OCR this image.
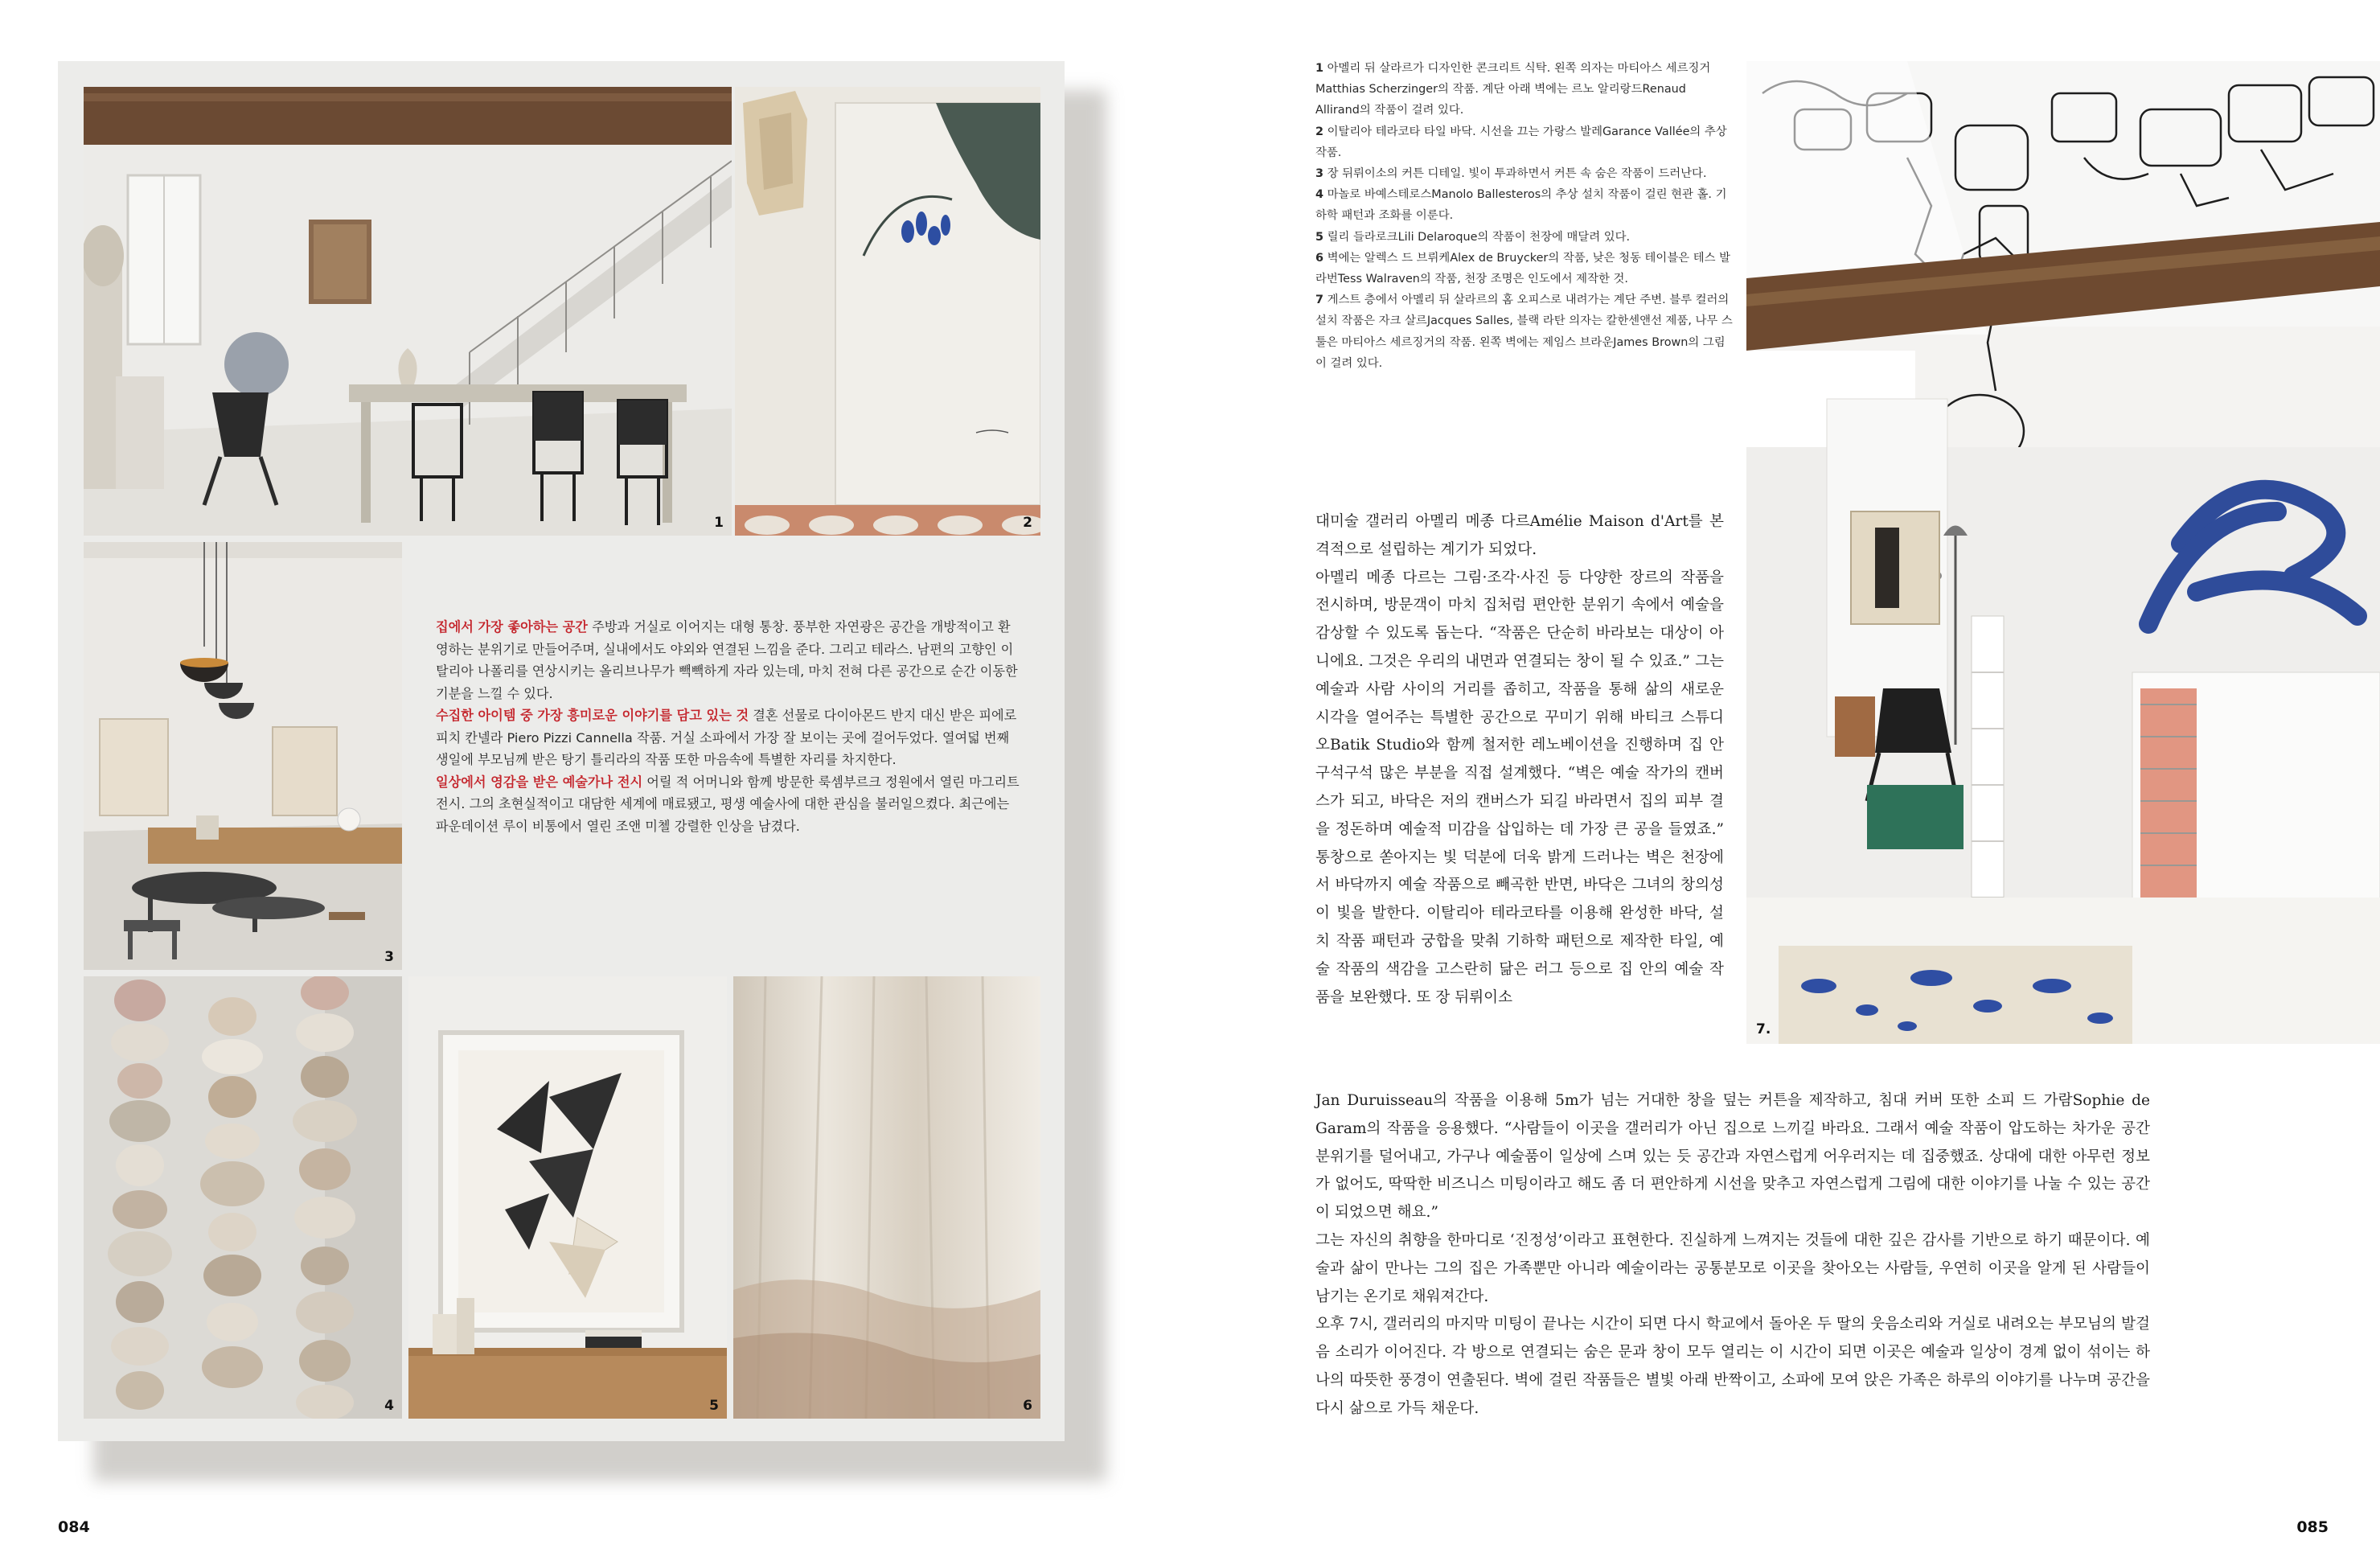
1	2
3

집에서 가장 좋아하는 공간 주방과 거실로 이어지는 대형 통창. 풍부한 자연광은 공간을 개방적이고 환영하는 분위기로 만들어주며, 실내에서도 야외와 연결된 느낌을 준다. 그리고 테라스. 남편의 고향인 이탈리아 나폴리를 연상시키는 올리브나무가 빽빽하게 자라 있는데, 마치 전혀 다른 공간으로 순간 이동한 기분을 느낄 수 있다.

수집한 아이템 중 가장 흥미로운 이야기를 담고 있는 것 결혼 선물로 다이아몬드 반지 대신 받은 피에로 피치 칸넬라 Piero Pizzi Cannella 작품. 거실 소파에서 가장 잘 보이는 곳에 걸어두었다. 열여덟 번째 생일에 부모님께 받은 탕기 틀리라의 작품 또한 마음속에 특별한 자리를 차지한다.

일상에서 영감을 받은 예술가나 전시 어릴 적 어머니와 함께 방문한 룩셈부르크 정원에서 열린 마그리트 전시. 그의 초현실적이고 대담한 세계에 매료됐고, 평생 예술사에 대한 관심을 불러일으켰다. 최근에는 파운데이션 루이 비통에서 열린 조앤 미첼 강렬한 인상을 남겼다.

4	5	6

1 아멜리 뒤 살라르가 디자인한 콘크리트 식탁. 왼쪽 의자는 마티아스 세르징거Matthias Scherzinger의 작품. 계단 아래 벽에는 르노 알리랑드Renaud Allirand의 작품이 걸려 있다.

2 이탈리아 테라코타 타일 바닥. 시선을 끄는 가랑스 발레Garance Vallée의 추상 작품.

3 장 뒤뤼이소의 커튼 디테일. 빛이 투과하면서 커튼 속 숨은 작품이 드러난다.

4 마놀로 바예스테로스Manolo Ballesteros의 추상 설치 작품이 걸린 현관 홀. 기하학 패턴과 조화를 이룬다.

5 릴리 들라로크Lili Delaroque의 작품이 천장에 매달려 있다.

6 벽에는 알렉스 드 브뤼케Alex de Bruycker의 작품, 낮은 청동 테이블은 테스 발라번Tess Walraven의 작품, 천장 조명은 인도에서 제작한 것.

7 게스트 층에서 아멜리 뒤 살라르의 홈 오피스로 내려가는 계단 주변. 블루 컬러의 설치 작품은 자크 살르Jacques Salles, 블랙 라탄 의자는 칼한센앤선 제품, 나무 스툴은 마티아스 세르징거의 작품. 왼쪽 벽에는 제임스 브라운James Brown의 그림이 걸려 있다.

7.

대미술 갤러리 아멜리 메종 다르Amélie Maison d'Art를 본격적으로 설립하는 계기가 되었다.

아멜리 메종 다르는 그림·조각·사진 등 다양한 장르의 작품을 전시하며, 방문객이 마치 집처럼 편안한 분위기 속에서 예술을 감상할 수 있도록 돕는다. “작품은 단순히 바라보는 대상이 아니에요. 그것은 우리의 내면과 연결되는 창이 될 수 있죠.” 그는 예술과 사람 사이의 거리를 좁히고, 작품을 통해 삶의 새로운 시각을 열어주는 특별한 공간으로 꾸미기 위해 바티크 스튜디오Batik Studio와 함께 철저한 레노베이션을 진행하며 집 안 구석구석 많은 부분을 직접 설계했다. “벽은 예술 작가의 캔버스가 되고, 바닥은 저의 캔버스가 되길 바라면서 집의 피부 결을 정돈하며 예술적 미감을 삽입하는 데 가장 큰 공을 들였죠.” 통창으로 쏟아지는 빛 덕분에 더욱 밝게 드러나는 벽은 천장에서 바닥까지 예술 작품으로 빼곡한 반면, 바닥은 그녀의 창의성이 빛을 발한다. 이탈리아 테라코타를 이용해 완성한 바닥, 설치 작품 패턴과 궁합을 맞춰 기하학 패턴으로 제작한 타일, 예술 작품의 색감을 고스란히 닮은 러그 등으로 집 안의 예술 작품을 보완했다. 또 장 뒤뤼이소

Jan Duruisseau의 작품을 이용해 5m가 넘는 거대한 창을 덮는 커튼을 제작하고, 침대 커버 또한 소피 드 가람Sophie de Garam의 작품을 응용했다. “사람들이 이곳을 갤러리가 아닌 집으로 느끼길 바라요. 그래서 예술 작품이 압도하는 차가운 공간 분위기를 덜어내고, 가구나 예술품이 일상에 스며 있는 듯 공간과 자연스럽게 어우러지는 데 집중했죠. 상대에 대한 아무런 정보가 없어도, 딱딱한 비즈니스 미팅이라고 해도 좀 더 편안하게 시선을 맞추고 자연스럽게 그림에 대한 이야기를 나눌 수 있는 공간이 되었으면 해요.”

그는 자신의 취향을 한마디로 ‘진정성’이라고 표현한다. 진실하게 느껴지는 것들에 대한 깊은 감사를 기반으로 하기 때문이다. 예술과 삶이 만나는 그의 집은 가족뿐만 아니라 예술이라는 공통분모로 이곳을 찾아오는 사람들, 우연히 이곳을 알게 된 사람들이 남기는 온기로 채워져간다.

오후 7시, 갤러리의 마지막 미팅이 끝나는 시간이 되면 다시 학교에서 돌아온 두 딸의 웃음소리와 거실로 내려오는 부모님의 발걸음 소리가 이어진다. 각 방으로 연결되는 숨은 문과 창이 모두 열리는 이 시간이 되면 이곳은 예술과 일상이 경계 없이 섞이는 하나의 따뜻한 풍경이 연출된다. 벽에 걸린 작품들은 별빛 아래 반짝이고, 소파에 모여 앉은 가족은 하루의 이야기를 나누며 공간을 다시 삶으로 가득 채운다.

084	085
